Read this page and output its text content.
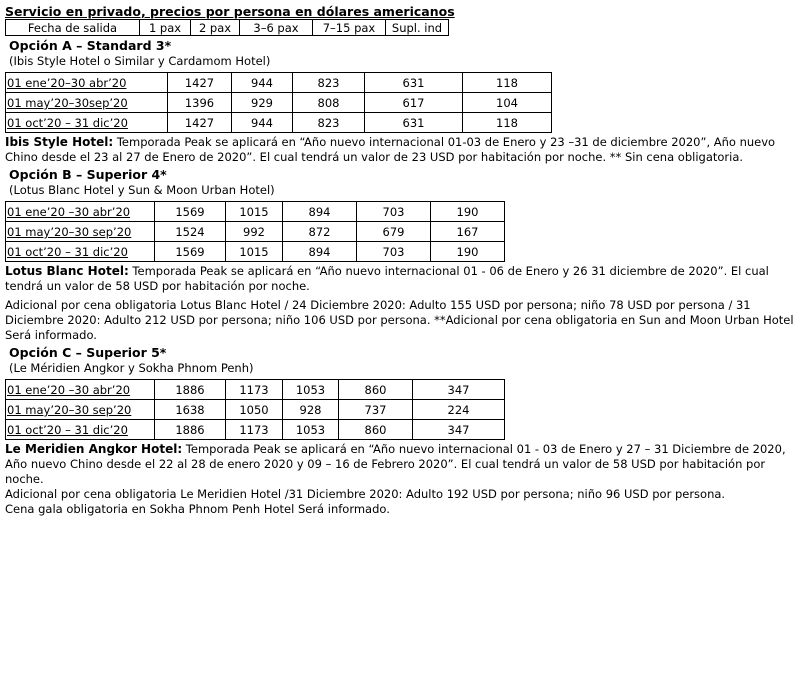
Servicio en privado, precios por persona en dólares americanos

Fecha de salida	1 pax	2 pax	3–6 pax	7–15 pax	Supl. ind

Opción A – Standard 3*

(Ibis Style Hotel o Similar y Cardamom Hotel)

01 ene’20–30 abr’20	1427	944	823	631	118
01 may’20–30sep’20	1396	929	808	617	104
01 oct’20 – 31 dic’20	1427	944	823	631	118

Ibis Style Hotel: Temporada Peak se aplicará en “Año nuevo internacional 01-03 de Enero y 23 –31 de diciembre 2020”, Año nuevo Chino desde el 23 al 27 de Enero de 2020”. El cual tendrá un valor de 23 USD por habitación por noche. ** Sin cena obligatoria.

Opción B – Superior 4*

(Lotus Blanc Hotel y Sun & Moon Urban Hotel)

01 ene’20 –30 abr’20	1569	1015	894	703	190
01 may’20–30 sep’20	1524	992	872	679	167
01 oct’20 – 31 dic’20	1569	1015	894	703	190

Lotus Blanc Hotel: Temporada Peak se aplicará en “Año nuevo internacional 01 - 06 de Enero y 26 31 diciembre de 2020”. El cual tendrá un valor de 58 USD por habitación por noche.

Adicional por cena obligatoria Lotus Blanc Hotel / 24 Diciembre 2020: Adulto 155 USD por persona; niño 78 USD por persona / 31 Diciembre 2020: Adulto 212 USD por persona; niño 106 USD por persona. **Adicional por cena obligatoria en Sun and Moon Urban Hotel Será informado.

Opción C – Superior 5*

(Le Méridien Angkor y Sokha Phnom Penh)

01 ene’20 –30 abr’20	1886	1173	1053	860	347
01 may’20–30 sep’20	1638	1050	928	737	224
01 oct’20 – 31 dic’20	1886	1173	1053	860	347

Le Meridien Angkor Hotel: Temporada Peak se aplicará en “Año nuevo internacional 01 - 03 de Enero y 27 – 31 Diciembre de 2020, Año nuevo Chino desde el 22 al 28 de enero 2020 y 09 – 16 de Febrero 2020”. El cual tendrá un valor de 58 USD por habitación por noche.

Adicional por cena obligatoria Le Meridien Hotel /31 Diciembre 2020: Adulto 192 USD por persona; niño 96 USD por persona.

Cena gala obligatoria en Sokha Phnom Penh Hotel Será informado.
